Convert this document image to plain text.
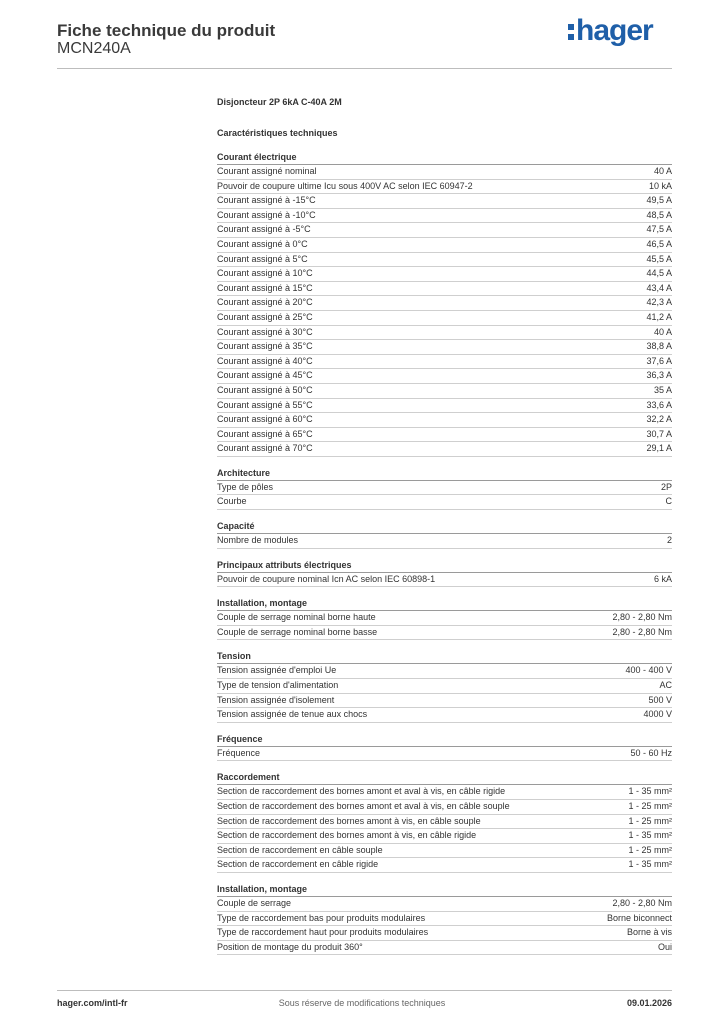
Fiche technique du produit
MCN240A
hager
Disjoncteur 2P 6kA C-40A 2M
Caractéristiques techniques
Courant électrique
Courant assigné nominal	40 A
Pouvoir de coupure ultime Icu sous 400V AC selon IEC 60947-2	10 kA
Courant assigné à -15°C	49,5 A
Courant assigné à -10°C	48,5 A
Courant assigné à -5°C	47,5 A
Courant assigné à 0°C	46,5 A
Courant assigné à 5°C	45,5 A
Courant assigné à 10°C	44,5 A
Courant assigné à 15°C	43,4 A
Courant assigné à 20°C	42,3 A
Courant assigné à 25°C	41,2 A
Courant assigné à 30°C	40 A
Courant assigné à 35°C	38,8 A
Courant assigné à 40°C	37,6 A
Courant assigné à 45°C	36,3 A
Courant assigné à 50°C	35 A
Courant assigné à 55°C	33,6 A
Courant assigné à 60°C	32,2 A
Courant assigné à 65°C	30,7 A
Courant assigné à 70°C	29,1 A
Architecture
Type de pôles	2P
Courbe	C
Capacité
Nombre de modules	2
Principaux attributs électriques
Pouvoir de coupure nominal Icn AC selon IEC 60898-1	6 kA
Installation, montage
Couple de serrage nominal borne haute	2,80 - 2,80 Nm
Couple de serrage nominal borne basse	2,80 - 2,80 Nm
Tension
Tension assignée d'emploi Ue	400 - 400 V
Type de tension d'alimentation	AC
Tension assignée d'isolement	500 V
Tension assignée de tenue aux chocs	4000 V
Fréquence
Fréquence	50 - 60 Hz
Raccordement
Section de raccordement des bornes amont et aval à vis, en câble rigide	1 - 35 mm²
Section de raccordement des bornes amont et aval à vis, en câble souple	1 - 25 mm²
Section de raccordement des bornes amont à vis, en câble souple	1 - 25 mm²
Section de raccordement des bornes amont à vis, en câble rigide	1 - 35 mm²
Section de raccordement en câble souple	1 - 25 mm²
Section de raccordement en câble rigide	1 - 35 mm²
Installation, montage
Couple de serrage	2,80 - 2,80 Nm
Type de raccordement bas pour produits modulaires	Borne biconnect
Type de raccordement haut pour produits modulaires	Borne à vis
Position de montage du produit 360°	Oui
hager.com/intl-fr	Sous réserve de modifications techniques	09.01.2026
